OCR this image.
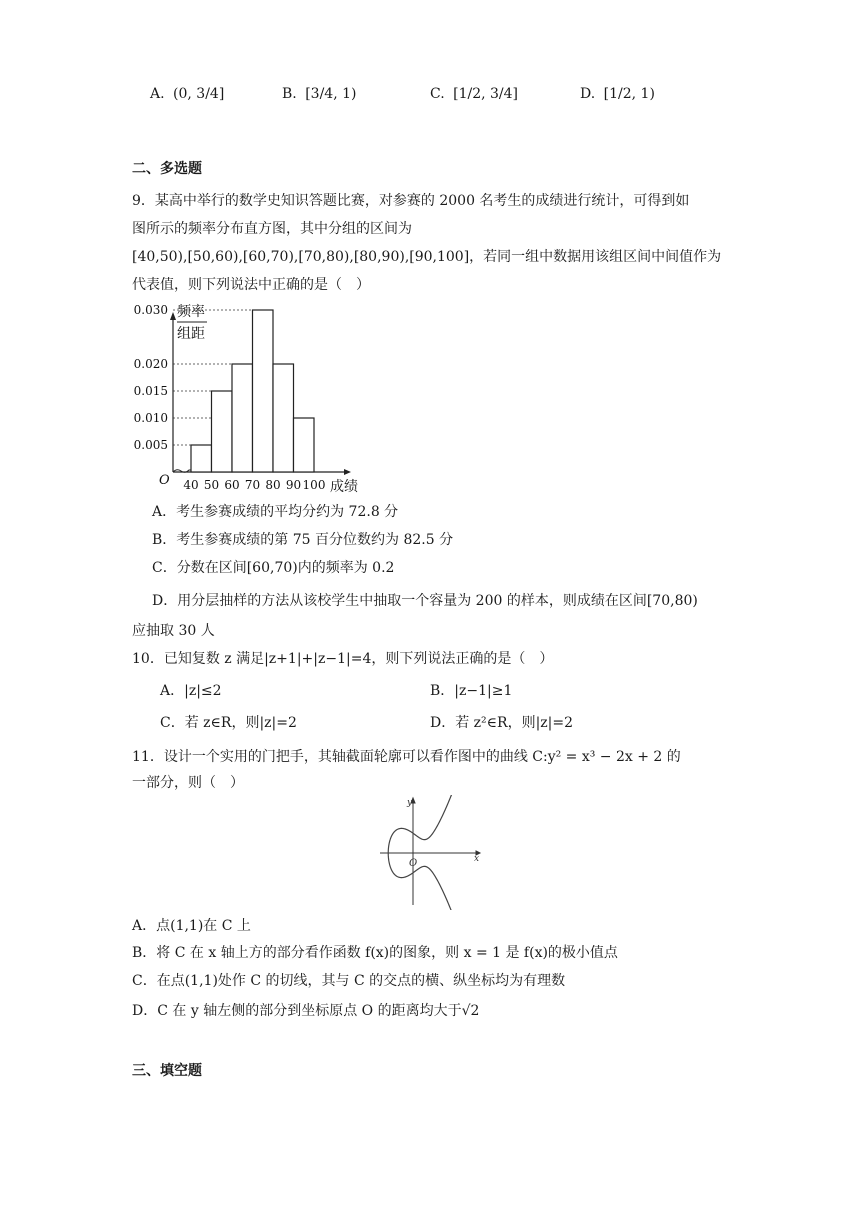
A. (0, 3/4]	B. [3/4, 1)	C. [1/2, 3/4]	D. [1/2, 1)
二、多选题
9．某高中举行的数学史知识答题比赛，对参赛的 2000 名考生的成绩进行统计，可得到如
图所示的频率分布直方图，其中分组的区间为
[40,50),[50,60),[60,70),[70,80),[80,90),[90,100]，若同一组中数据用该组区间中间值作为
代表值，则下列说法中正确的是（　）
0.005
0.010
0.015
0.020
0.030
40 50 60 70 80 90 100
O	成绩
频率
组距
A．考生参赛成绩的平均分约为 72.8 分
B．考生参赛成绩的第 75 百分位数约为 82.5 分
C．分数在区间[60,70)内的频率为 0.2
D．用分层抽样的方法从该校学生中抽取一个容量为 200 的样本，则成绩在区间[70,80)
应抽取 30 人
10．已知复数 z 满足|z+1|+|z−1|=4，则下列说法正确的是（　）
A．|z|≤2	B．|z−1|≥1
C．若 z∈R，则|z|=2	D．若 z²∈R，则|z|=2
11．设计一个实用的门把手，其轴截面轮廓可以看作图中的曲线 C:y² = x³ − 2x + 2 的
一部分，则（　）
x
y
O
A．点(1,1)在 C 上
B．将 C 在 x 轴上方的部分看作函数 f(x)的图象，则 x = 1 是 f(x)的极小值点
C．在点(1,1)处作 C 的切线，其与 C 的交点的横、纵坐标均为有理数
D．C 在 y 轴左侧的部分到坐标原点 O 的距离均大于√2
三、填空题
